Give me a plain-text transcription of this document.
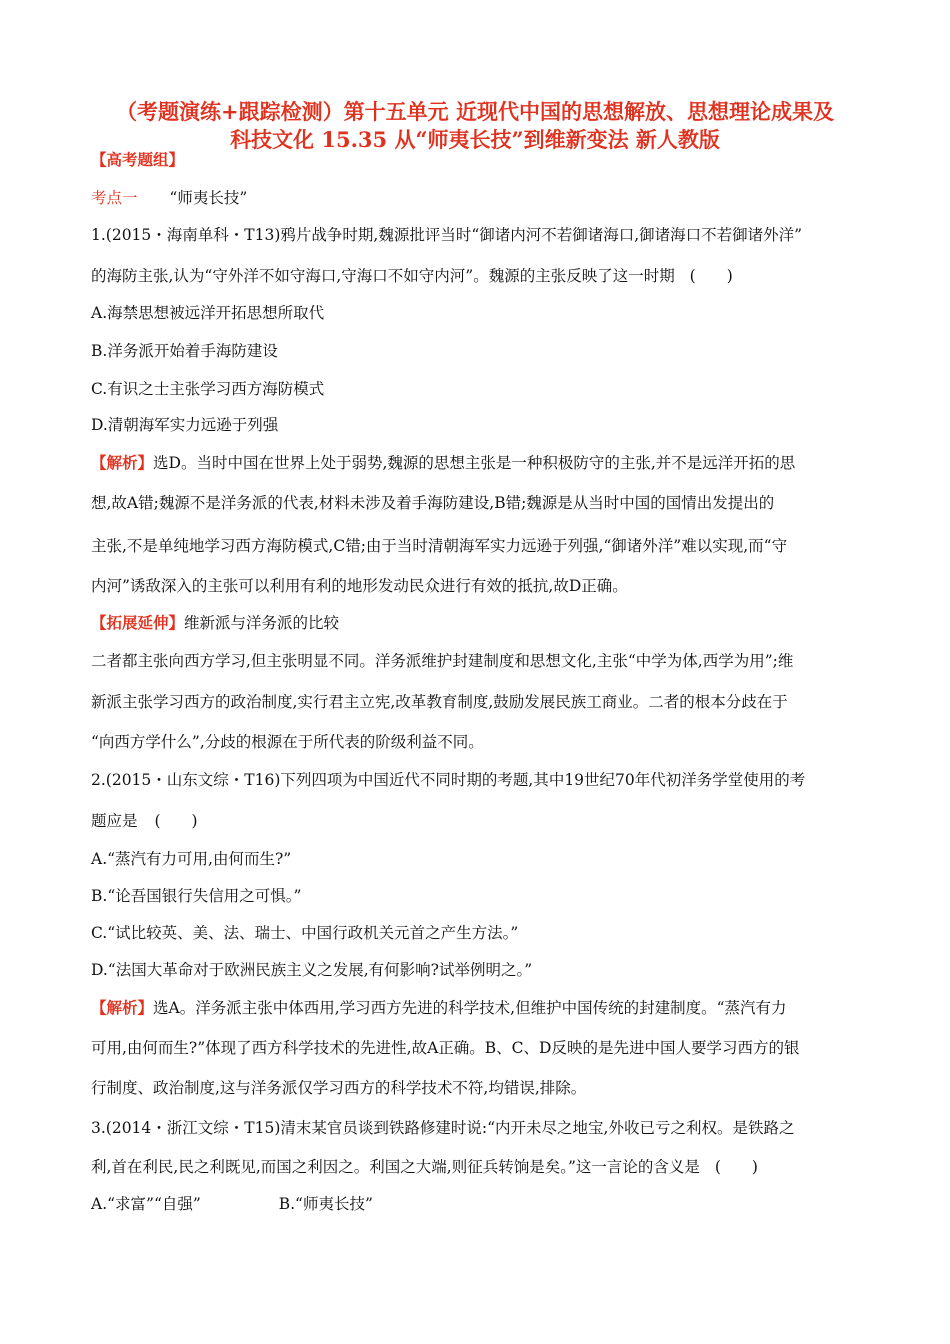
（考题演练+跟踪检测）第十五单元 近现代中国的思想解放、思想理论成果及
科技文化 15.35 从“师夷长技”到维新变法 新人教版
【高考题组】
考点一 “师夷长技”
1.(2015・海南单科・T13)鸦片战争时期,魏源批评当时“御诸内河不若御诸海口,御诸海口不若御诸外洋”
的海防主张,认为“守外洋不如守海口,守海口不如守内河”。魏源的主张反映了这一时期 (　　)
A.海禁思想被远洋开拓思想所取代
B.洋务派开始着手海防建设
C.有识之士主张学习西方海防模式
D.清朝海军实力远逊于列强
【解析】选D。当时中国在世界上处于弱势,魏源的思想主张是一种积极防守的主张,并不是远洋开拓的思
想,故A错;魏源不是洋务派的代表,材料未涉及着手海防建设,B错;魏源是从当时中国的国情出发提出的
主张,不是单纯地学习西方海防模式,C错;由于当时清朝海军实力远逊于列强,“御诸外洋”难以实现,而“守
内河”诱敌深入的主张可以利用有利的地形发动民众进行有效的抵抗,故D正确。
【拓展延伸】维新派与洋务派的比较
二者都主张向西方学习,但主张明显不同。洋务派维护封建制度和思想文化,主张“中学为体,西学为用”;维
新派主张学习西方的政治制度,实行君主立宪,改革教育制度,鼓励发展民族工商业。二者的根本分歧在于
“向西方学什么”,分歧的根源在于所代表的阶级利益不同。
2.(2015・山东文综・T16)下列四项为中国近代不同时期的考题,其中19世纪70年代初洋务学堂使用的考
题应是 (　　)
A.“蒸汽有力可用,由何而生?”
B.“论吾国银行失信用之可惧。”
C.“试比较英、美、法、瑞士、中国行政机关元首之产生方法。”
D.“法国大革命对于欧洲民族主义之发展,有何影响?试举例明之。”
【解析】选A。洋务派主张中体西用,学习西方先进的科学技术,但维护中国传统的封建制度。“蒸汽有力
可用,由何而生?”体现了西方科学技术的先进性,故A正确。B、C、D反映的是先进中国人要学习西方的银
行制度、政治制度,这与洋务派仅学习西方的科学技术不符,均错误,排除。
3.(2014・浙江文综・T15)清末某官员谈到铁路修建时说:“内开未尽之地宝,外收已亏之利权。是铁路之
利,首在利民,民之利既见,而国之利因之。利国之大端,则征兵转饷是矣。”这一言论的含义是 (　　)
A.“求富”“自强”	B.“师夷长技”
